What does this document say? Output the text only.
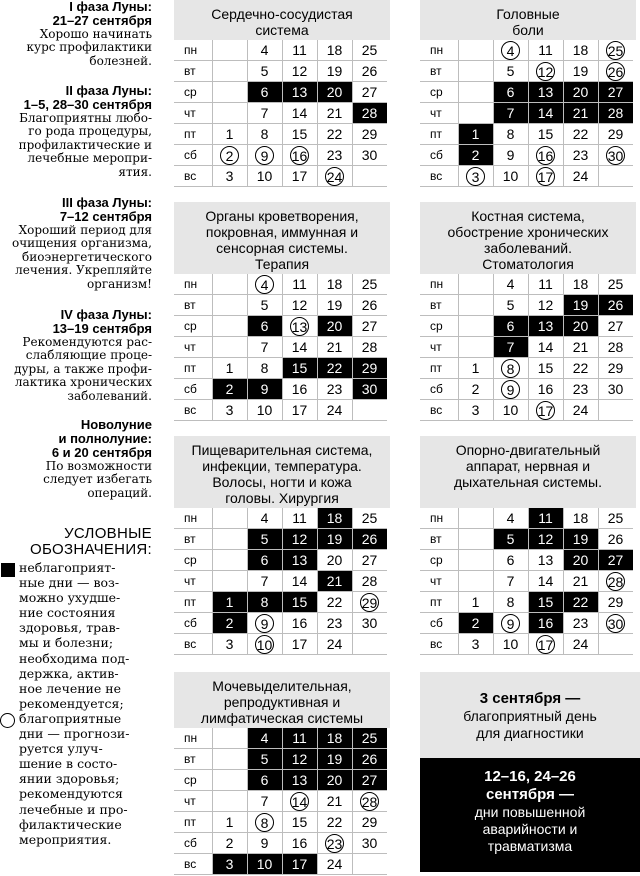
I фаза Луны:
21–27 сентября
Хорошо начинать
курс профилактики
болезней.
II фаза Луны:
1–5, 28–30 сентября
Благоприятны любо-
го рода процедуры,
профилактические и
лечебные меропри-
ятия.
III фаза Луны:
7–12 сентября
Хороший период для
очищения организма,
биоэнергетического
лечения. Укрепляйте
организм!
IV фаза Луны:
13–19 сентября
Рекомендуются рас-
слабляющие проце-
дуры, а также профи-
лактика хронических
заболеваний.
Новолуние
и полнолуние:
6 и 20 сентября
По возможности
следует избегать
операций.
УСЛОВНЫЕ
ОБОЗНАЧЕНИЯ:
неблагоприят-
ные дни — воз-
можно ухудше-
ние состояния
здоровья, трав-
мы и болезни;
необходима под-
держка, актив-
ное лечение не
рекомендуется;
благоприятные
дни — прогнози-
руется улуч-
шение в состо-
янии здоровья;
рекомендуются
лечебные и про-
филактические
мероприятия.
3 сентября —
благоприятный день
для диагностики
12–16, 24–26
сентября —
дни повышенной
аварийности и
травматизма
Сердечно-сосудистая
система
пн		4	11	18	25
вт		5	12	19	26
ср		6	13	20	27
чт		7	14	21	28
пт	1	8	15	22	29
сб	2	9	16	23	30
вс	3	10	17	24	
Головные
боли
пн		4	11	18	25
вт		5	12	19	26
ср		6	13	20	27
чт		7	14	21	28
пт	1	8	15	22	29
сб	2	9	16	23	30
вс	3	10	17	24	
Органы кроветворения,
покровная, иммунная и
сенсорная системы.
Терапия
пн		4	11	18	25
вт		5	12	19	26
ср		6	13	20	27
чт		7	14	21	28
пт	1	8	15	22	29
сб	2	9	16	23	30
вс	3	10	17	24	
Костная система,
обострение хронических
заболеваний.
Стоматология
пн		4	11	18	25
вт		5	12	19	26
ср		6	13	20	27
чт		7	14	21	28
пт	1	8	15	22	29
сб	2	9	16	23	30
вс	3	10	17	24	
Пищеварительная система,
инфекции, температура.
Волосы, ногти и кожа
головы. Хирургия
пн		4	11	18	25
вт		5	12	19	26
ср		6	13	20	27
чт		7	14	21	28
пт	1	8	15	22	29
сб	2	9	16	23	30
вс	3	10	17	24	
Опорно-двигательный
аппарат, нервная и
дыхательная системы.
пн		4	11	18	25
вт		5	12	19	26
ср		6	13	20	27
чт		7	14	21	28
пт	1	8	15	22	29
сб	2	9	16	23	30
вс	3	10	17	24	
Мочевыделительная,
репродуктивная и
лимфатическая системы
пн		4	11	18	25
вт		5	12	19	26
ср		6	13	20	27
чт		7	14	21	28
пт	1	8	15	22	29
сб	2	9	16	23	30
вс	3	10	17	24	
